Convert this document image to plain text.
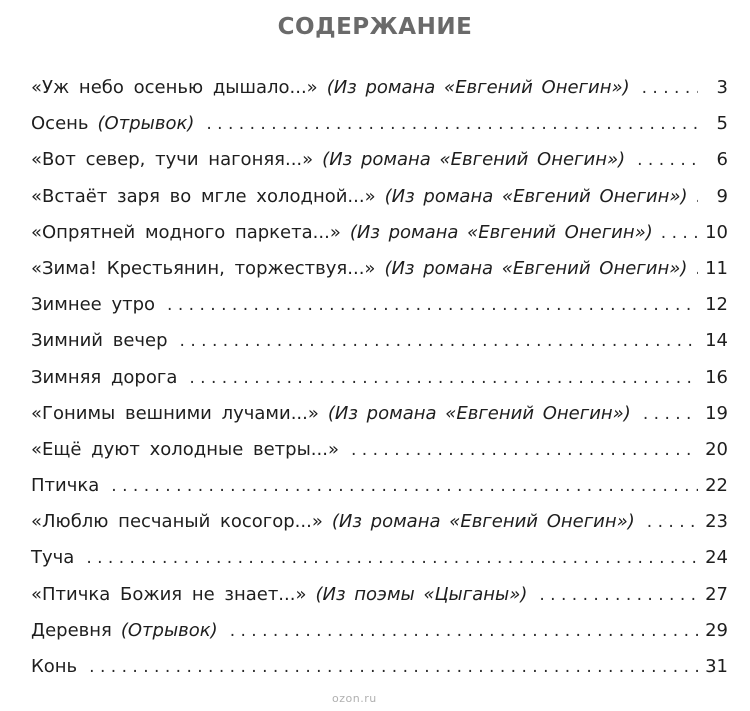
СОДЕРЖАНИЕ
«Уж небо осенью дышало...» (Из романа «Евгений Онегин») . . .	3
Осень (Отрывок) . . .	5
«Вот север, тучи нагоняя...» (Из романа «Евгений Онегин») . . .	6
«Встаёт заря во мгле холодной...» (Из романа «Евгений Онегин») . . .	9
«Опрятней модного паркета...» (Из романа «Евгений Онегин») . . .	10
«Зима! Крестьянин, торжествуя...» (Из романа «Евгений Онегин») . . . 11
Зимнее утро . . .	12
Зимний вечер . . .	14
Зимняя дорога . . .	16
«Гонимы вешними лучами...» (Из романа «Евгений Онегин») . . .	19
«Ещё дуют холодные ветры...» . . .	20
Птичка . . .	22
«Люблю песчаный косогор...» (Из романа «Евгений Онегин») . . .	23
Туча . . .	24
«Птичка Божия не знает...» (Из поэмы «Цыганы») . . .	27
Деревня (Отрывок) . . .	29
Конь . . .	31
ozon.ru
